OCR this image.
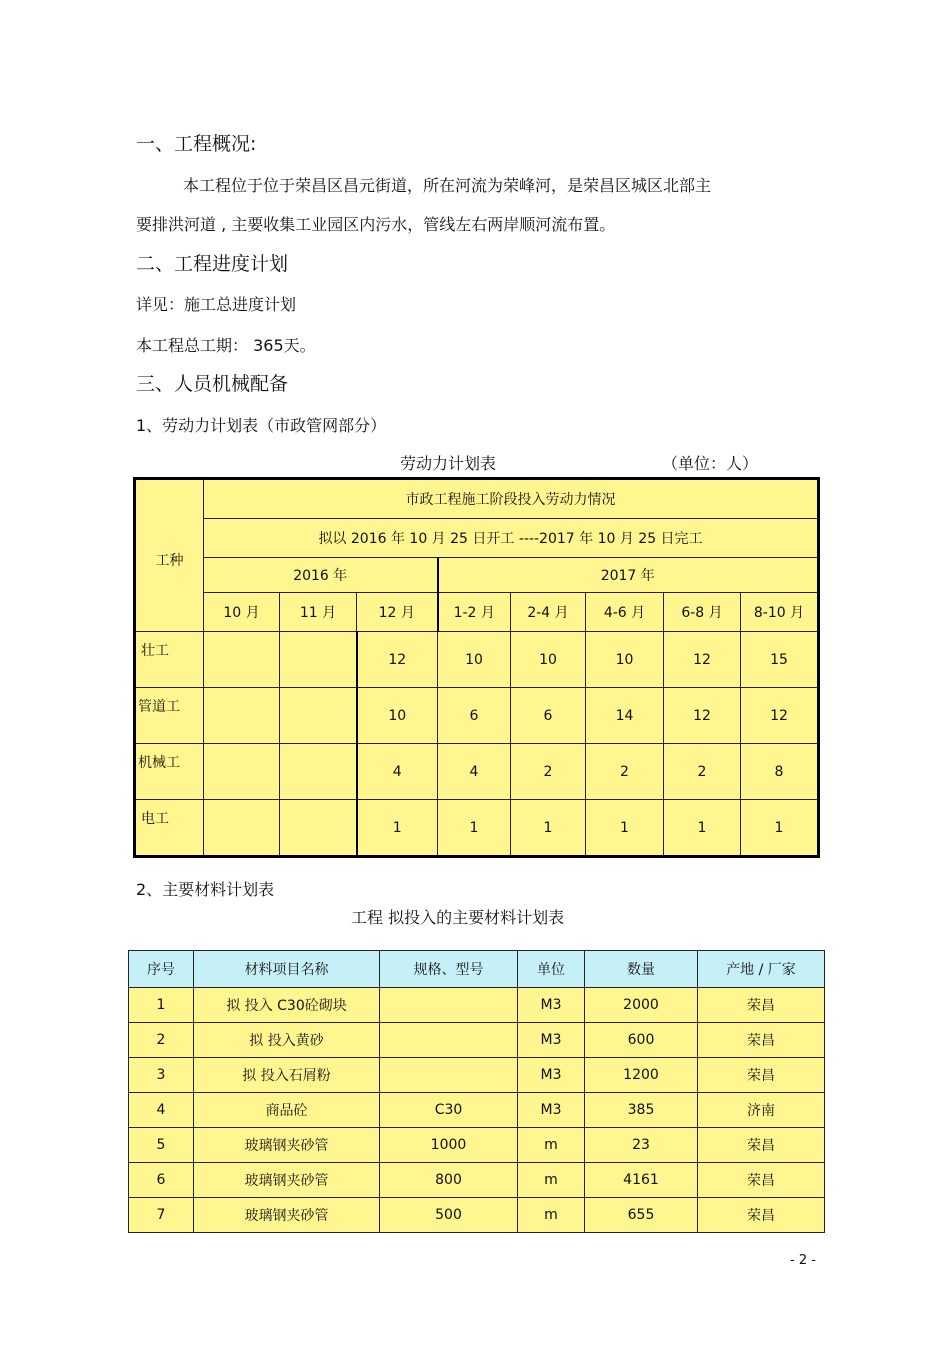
一、工程概况:
本工程位于位于荣昌区昌元街道，所在河流为荣峰河，是荣昌区城区北部主
要排洪河道 , 主要收集工业园区内污水，管线左右两岸顺河流布置。
二、工程进度计划
详见：施工总进度计划
本工程总工期： 365天。
三、人员机械配备
1、劳动力计划表（市政管网部分）
劳动力计划表	（单位：人）
工种	市政工程施工阶段投入劳动力情况							
	拟以 2016 年 10 月 25 日开工 ----2017 年 10 月 25 日完工							
	2016 年			2017 年				
	10 月	11 月	12 月	1-2 月	2-4 月	4-6 月	6-8 月	8-10 月
壮工			12	10	10	10	12	15
管道工			10	6	6	14	12	12
机械工			4	4	2	2	2	8
电工			1	1	1	1	1	1
2、主要材料计划表
工程 拟投入的主要材料计划表
序号	材料项目名称	规格、型号	单位	数量	产地 / 厂家
1	拟 投入 C30砼砌块		M3	2000	荣昌
2	拟 投入黄砂		M3	600	荣昌
3	拟 投入石屑粉		M3	1200	荣昌
4	商品砼	C30	M3	385	济南
5	玻璃钢夹砂管	1000	m	23	荣昌
6	玻璃钢夹砂管	800	m	4161	荣昌
7	玻璃钢夹砂管	500	m	655	荣昌
- 2 -
